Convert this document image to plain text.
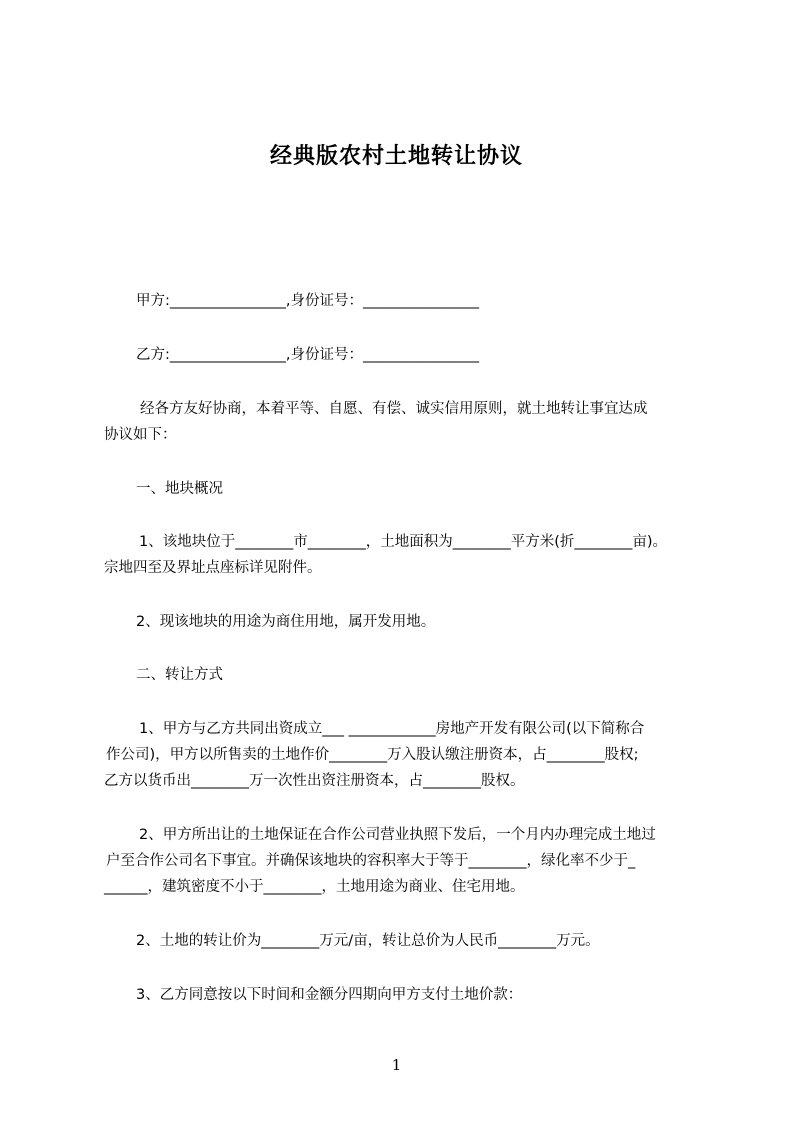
经典版农村土地转让协议
甲方:________________,身份证号：________________
乙方:________________,身份证号：________________
经各方友好协商，本着平等、自愿、有偿、诚实信用原则，就土地转让事宜达成
协议如下：
一、地块概况
1、该地块位于________市________，土地面积为________平方米(折________亩)。
宗地四至及界址点座标详见附件。
2、现该地块的用途为商住用地，属开发用地。
二、转让方式
1、甲方与乙方共同出资成立___ ____________房地产开发有限公司(以下简称合
作公司)，甲方以所售卖的土地作价________万入股认缴注册资本，占________股权;
乙方以货币出________万一次性出资注册资本，占________股权。
2、甲方所出让的土地保证在合作公司营业执照下发后，一个月内办理完成土地过
户至合作公司名下事宜。并确保该地块的容积率大于等于________，绿化率不少于_
______，建筑密度不小于________，土地用途为商业、住宅用地。
2、土地的转让价为________万元/亩，转让总价为人民币________万元。
3、乙方同意按以下时间和金额分四期向甲方支付土地价款：
1
